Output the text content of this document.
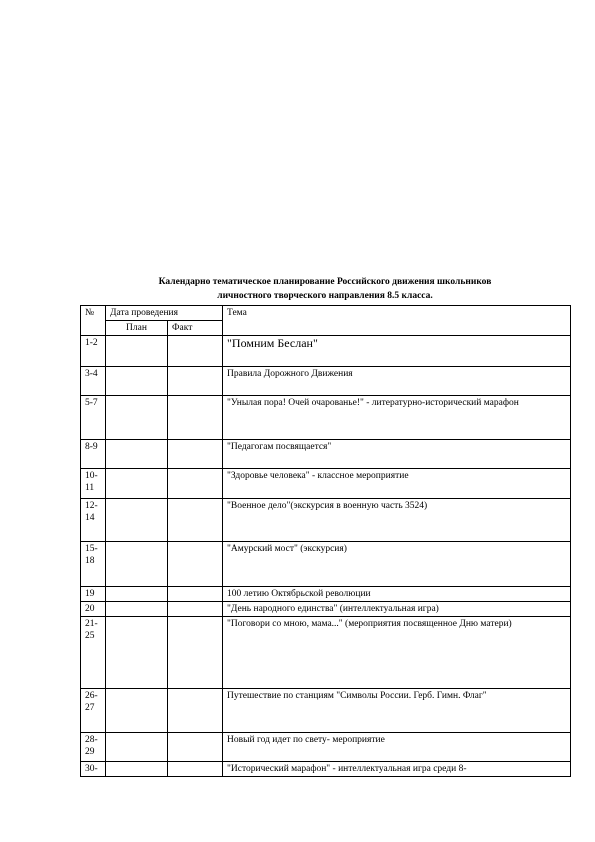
Календарно тематическое планирование Российского движения школьников
личностного творческого направления 8.5 класса.
№	Дата проведения		Тема
	План	Факт	
1-2			"Помним Беслан"
3-4			Правила Дорожного Движения
5-7			"Унылая пора! Очей очарованье!" - литературно-исторический марафон
8-9			"Педагогам посвящается"
10-11			"Здоровье человека" - классное мероприятие
12-14			"Военное дело"(экскурсия в военную часть 3524)
15-18			"Амурский мост" (экскурсия)
19			100 летию Октябрьской революции
20			"День народного единства" (интеллектуальная игра)
21-25			"Поговори со мною, мама..." (мероприятия посвященное Дню матери)
26-27			Путешествие по станциям "Символы России. Герб. Гимн. Флаг"
28-29			Новый год идет по свету- мероприятие
30-			"Исторический марафон" - интеллектуальная игра среди 8-
